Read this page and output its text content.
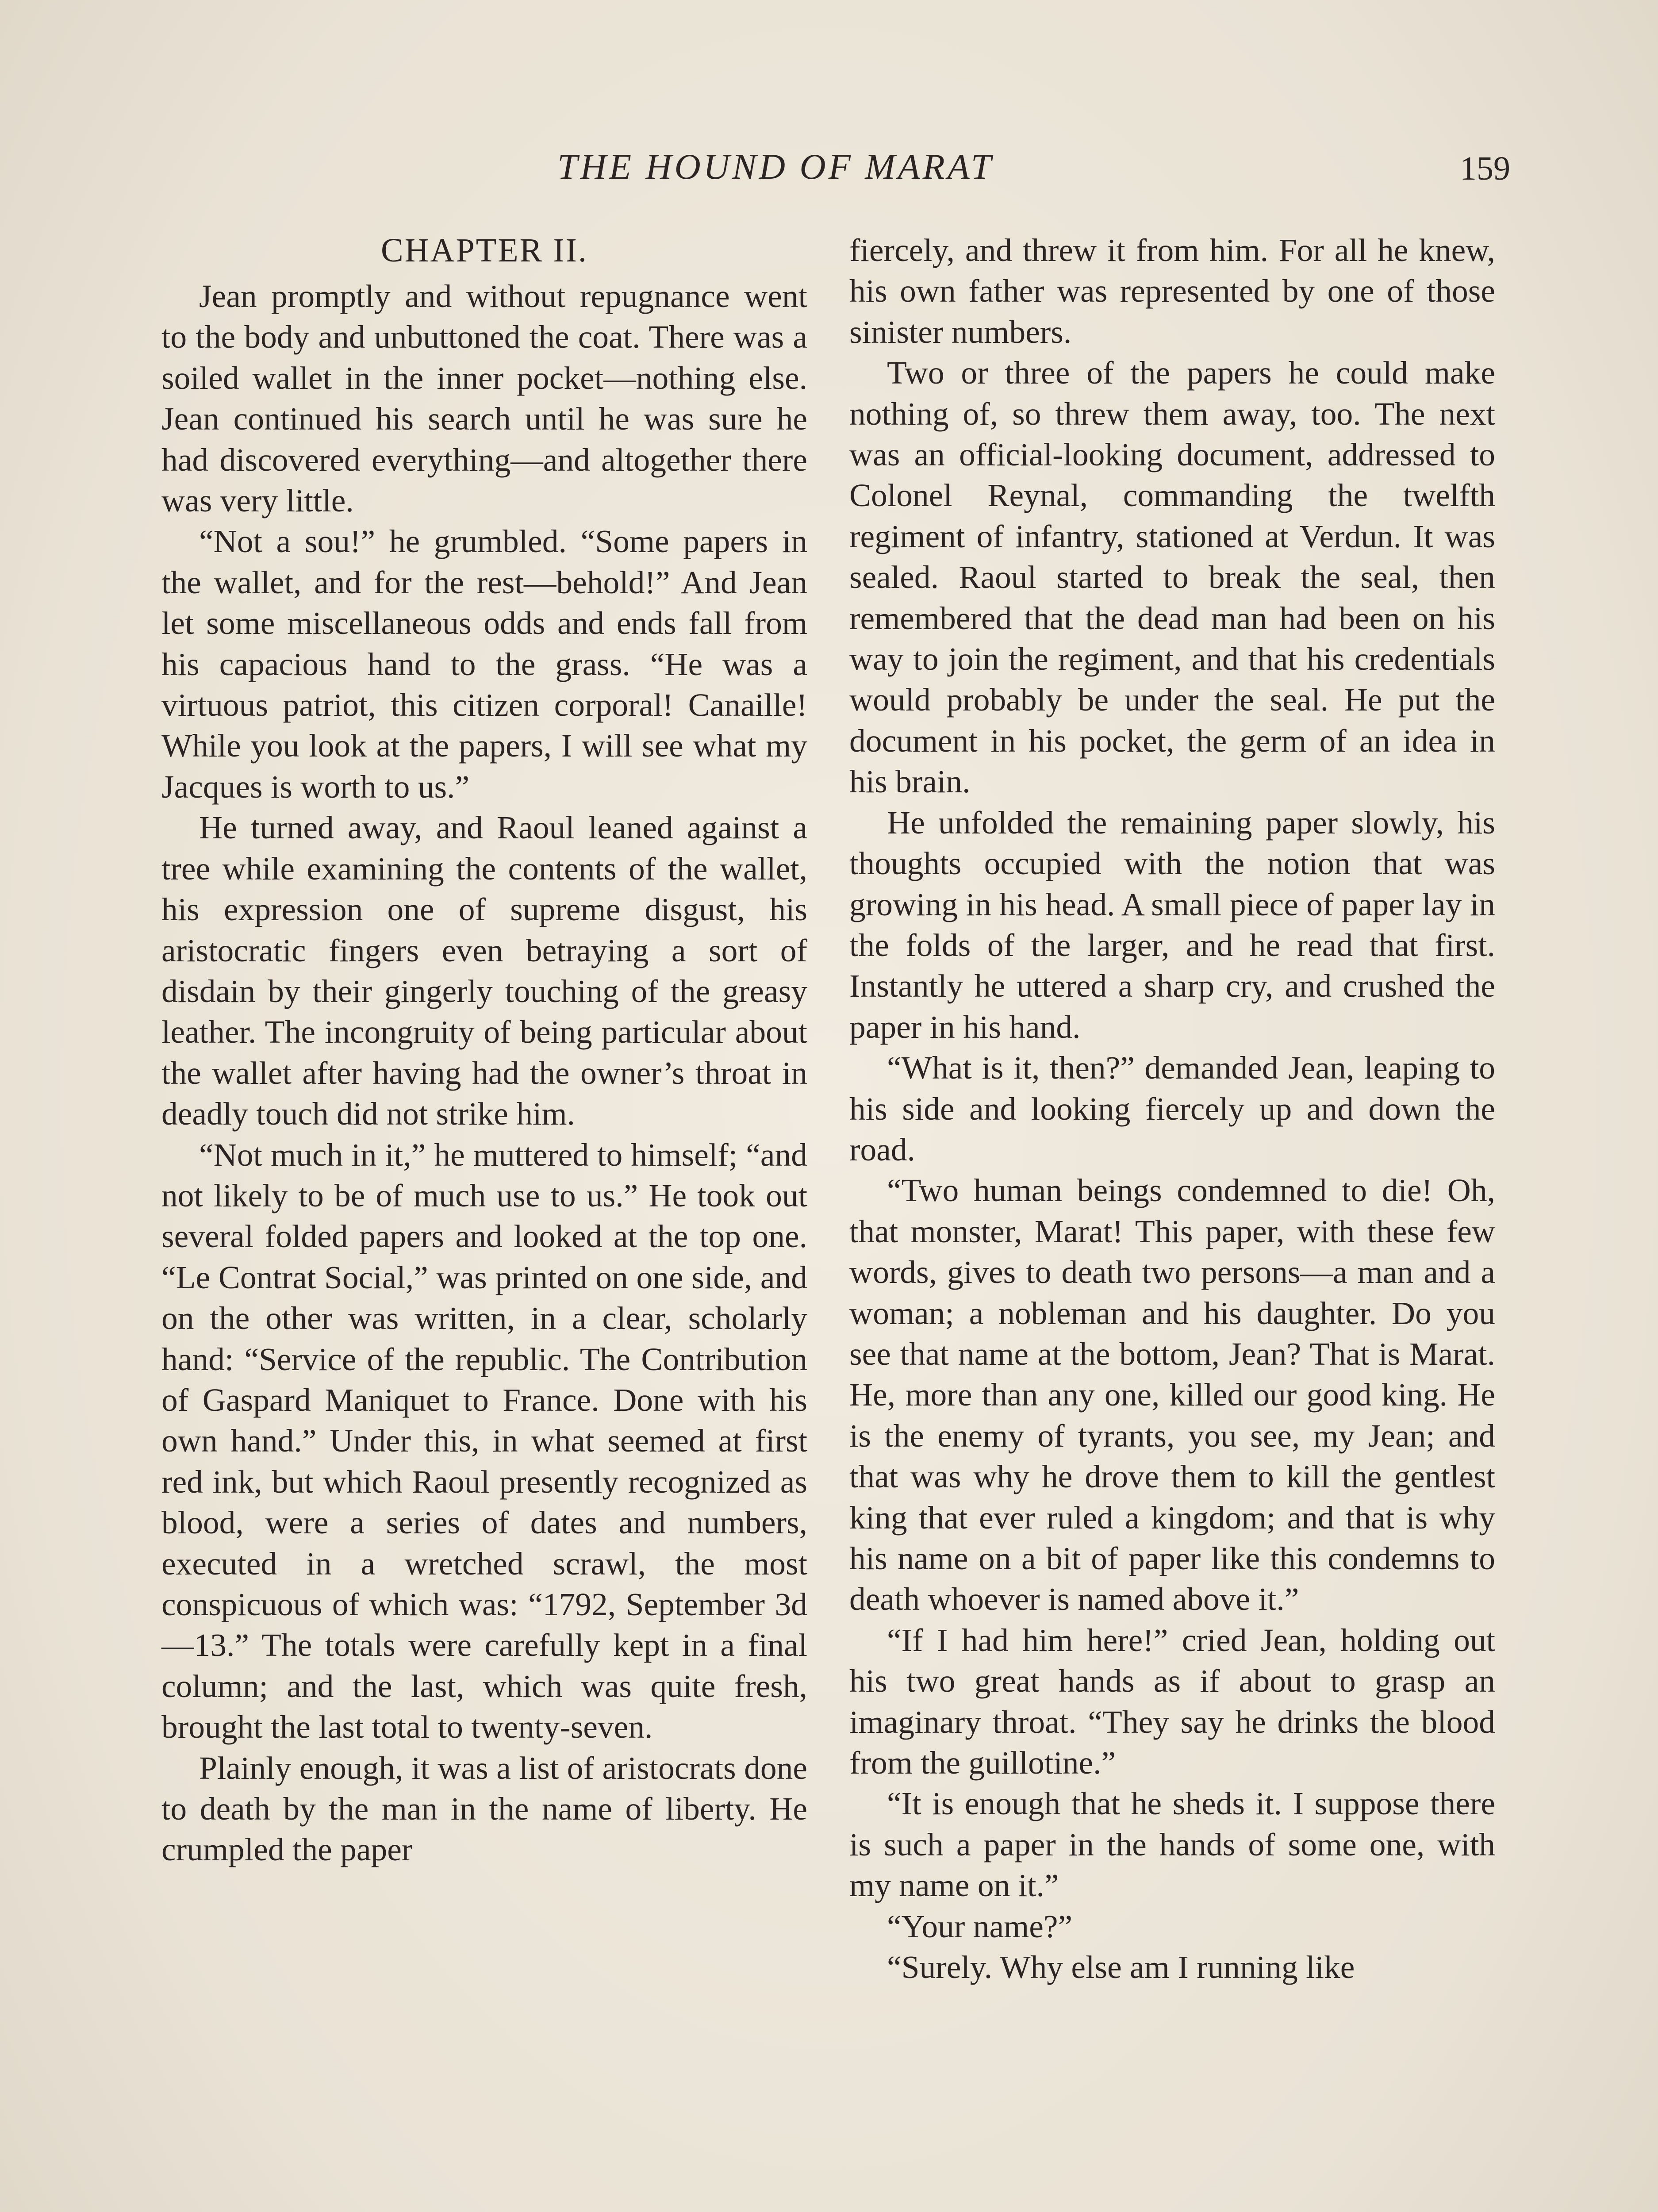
THE HOUND OF MARAT	159
CHAPTER II.

Jean promptly and without repugnance went to the body and unbuttoned the coat. There was a soiled wallet in the inner pocket—nothing else. Jean continued his search until he was sure he had discovered everything—and altogether there was very little.

“Not a sou!” he grumbled. “Some papers in the wallet, and for the rest—behold!” And Jean let some miscellaneous odds and ends fall from his capacious hand to the grass. “He was a virtuous patriot, this citizen corporal! Canaille! While you look at the papers, I will see what my Jacques is worth to us.”

He turned away, and Raoul leaned against a tree while examining the contents of the wallet, his expression one of supreme disgust, his aristocratic fingers even betraying a sort of disdain by their gingerly touching of the greasy leather. The incongruity of being particular about the wallet after having had the owner’s throat in deadly touch did not strike him.

“Not much in it,” he muttered to himself; “and not likely to be of much use to us.” He took out several folded papers and looked at the top one. “Le Contrat Social,” was printed on one side, and on the other was written, in a clear, scholarly hand: “Service of the republic. The Contribution of Gaspard Maniquet to France. Done with his own hand.” Under this, in what seemed at first red ink, but which Raoul presently recognized as blood, were a series of dates and numbers, executed in a wretched scrawl, the most conspicuous of which was: “1792, September 3d—13.” The totals were carefully kept in a final column; and the last, which was quite fresh, brought the last total to twenty-seven.

Plainly enough, it was a list of aristocrats done to death by the man in the name of liberty. He crumpled the paper

fiercely, and threw it from him. For all he knew, his own father was represented by one of those sinister numbers.

Two or three of the papers he could make nothing of, so threw them away, too. The next was an official-looking document, addressed to Colonel Reynal, commanding the twelfth regiment of infantry, stationed at Verdun. It was sealed. Raoul started to break the seal, then remembered that the dead man had been on his way to join the regiment, and that his credentials would probably be under the seal. He put the document in his pocket, the germ of an idea in his brain.

He unfolded the remaining paper slowly, his thoughts occupied with the notion that was growing in his head. A small piece of paper lay in the folds of the larger, and he read that first. Instantly he uttered a sharp cry, and crushed the paper in his hand.

“What is it, then?” demanded Jean, leaping to his side and looking fiercely up and down the road.

“Two human beings condemned to die! Oh, that monster, Marat! This paper, with these few words, gives to death two persons—a man and a woman; a nobleman and his daughter. Do you see that name at the bottom, Jean? That is Marat. He, more than any one, killed our good king. He is the enemy of tyrants, you see, my Jean; and that was why he drove them to kill the gentlest king that ever ruled a kingdom; and that is why his name on a bit of paper like this condemns to death whoever is named above it.”

“If I had him here!” cried Jean, holding out his two great hands as if about to grasp an imaginary throat. “They say he drinks the blood from the guillotine.”

“It is enough that he sheds it. I suppose there is such a paper in the hands of some one, with my name on it.”

“Your name?”

“Surely. Why else am I running like
